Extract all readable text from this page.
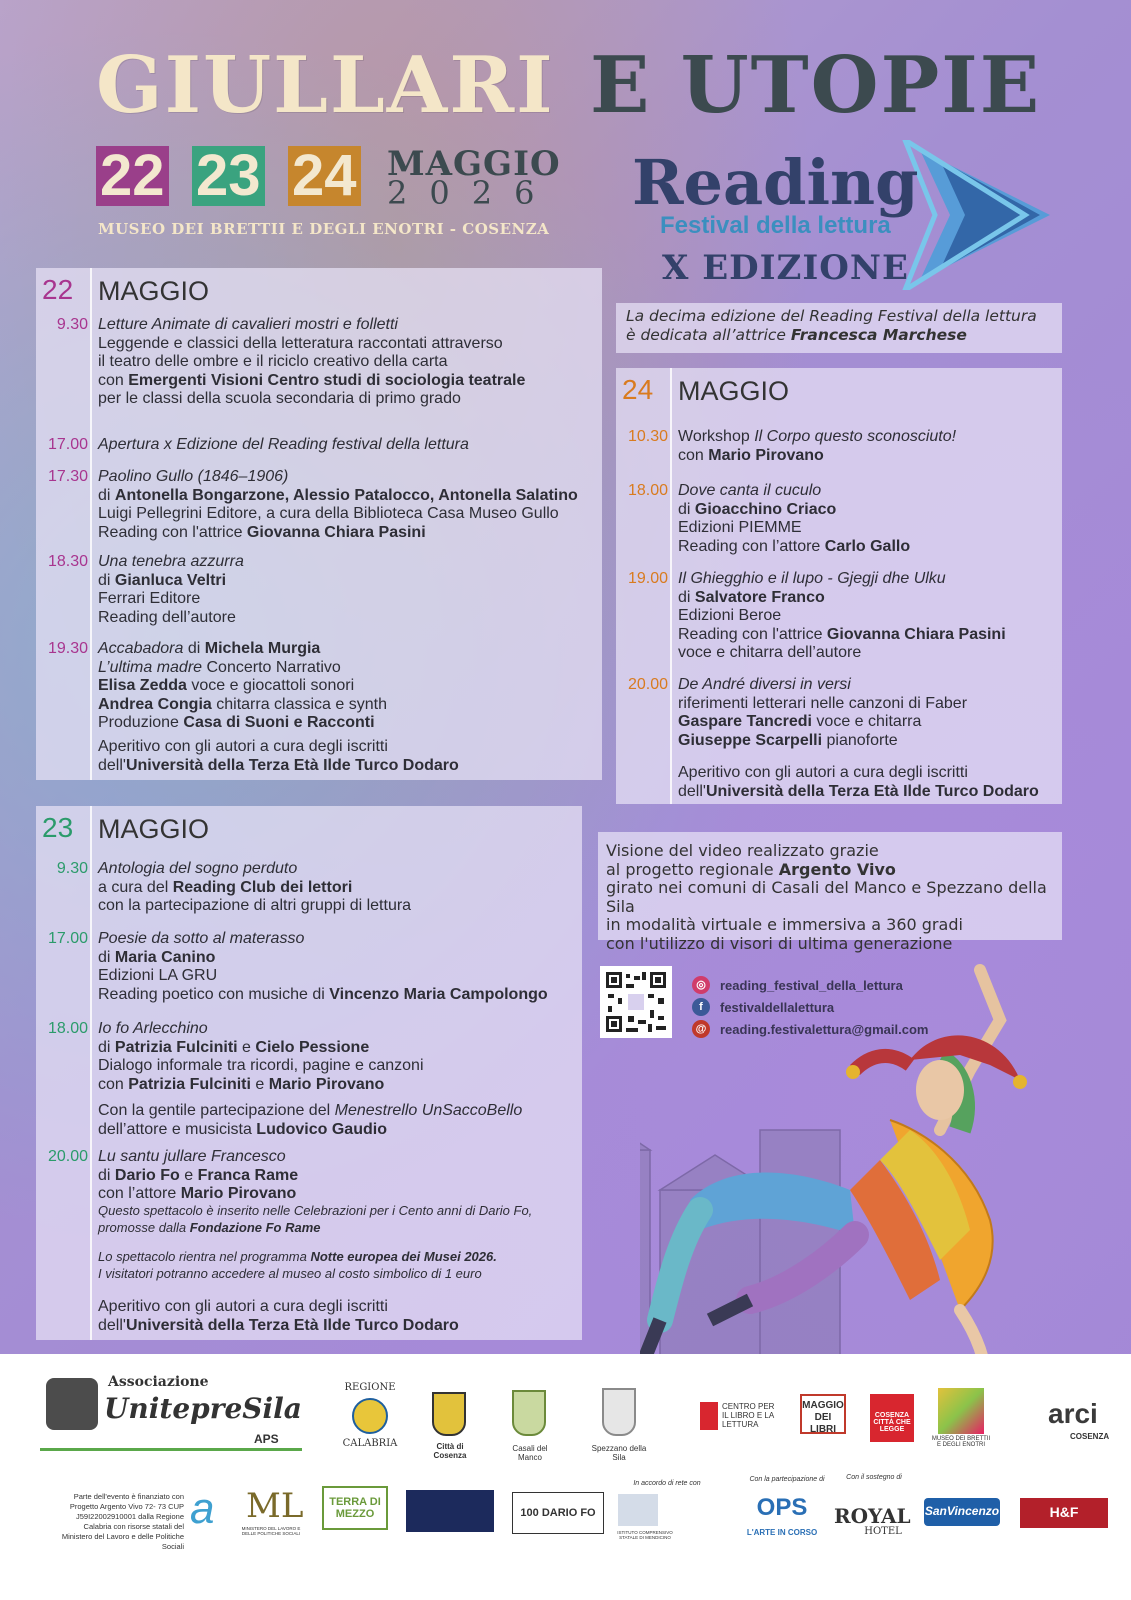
GIULLARI E UTOPIE
22 23 24 MAGGIO
2026
MUSEO DEI BRETTII E DEGLI ENOTRI - COSENZA
Reading
Festival della lettura
X EDIZIONE
La decima edizione del Reading Festival della lettura
è dedicata all’attrice Francesca Marchese
22 MAGGIO
9.30 Letture Animate di cavalieri mostri e folletti
Leggende e classici della letteratura raccontati attraverso
il teatro delle ombre e il riciclo creativo della carta
con Emergenti Visioni Centro studi di sociologia teatrale
per le classi della scuola secondaria di primo grado
17.00 Apertura x Edizione del Reading festival della lettura
17.30 Paolino Gullo (1846–1906)
di Antonella Bongarzone, Alessio Patalocco, Antonella Salatino
Luigi Pellegrini Editore, a cura della Biblioteca Casa Museo Gullo
Reading con l'attrice Giovanna Chiara Pasini
18.30 Una tenebra azzurra
di Gianluca Veltri
Ferrari Editore
Reading dell’autore
19.30 Accabadora di Michela Murgia
L’ultima madre Concerto Narrativo
Elisa Zedda voce e giocattoli sonori
Andrea Congia chitarra classica e synth
Produzione Casa di Suoni e Racconti
Aperitivo con gli autori a cura degli iscritti
dell'Università della Terza Età Ilde Turco Dodaro
23 MAGGIO
9.30 Antologia del sogno perduto
a cura del Reading Club dei lettori
con la partecipazione di altri gruppi di lettura
17.00 Poesie da sotto al materasso
di Maria Canino
Edizioni LA GRU
Reading poetico con musiche di Vincenzo Maria Campolongo
18.00 Io fo Arlecchino
di Patrizia Fulciniti e Cielo Pessione
Dialogo informale tra ricordi, pagine e canzoni
con Patrizia Fulciniti e Mario Pirovano
Con la gentile partecipazione del Menestrello UnSaccoBello
dell’attore e musicista Ludovico Gaudio
20.00 Lu santu jullare Francesco
di Dario Fo e Franca Rame
con l’attore Mario Pirovano
Questo spettacolo è inserito nelle Celebrazioni per i Cento anni di Dario Fo,
promosse dalla Fondazione Fo Rame
Lo spettacolo rientra nel programma Notte europea dei Musei 2026.
I visitatori potranno accedere al museo al costo simbolico di 1 euro
Aperitivo con gli autori a cura degli iscritti
dell'Università della Terza Età Ilde Turco Dodaro
24 MAGGIO
10.30 Workshop Il Corpo questo sconosciuto!
con Mario Pirovano
18.00 Dove canta il cuculo
di Gioacchino Criaco
Edizioni PIEMME
Reading con l’attore Carlo Gallo
19.00 Il Ghiegghio e il lupo - Gjegji dhe Ulku
di Salvatore Franco
Edizioni Beroe
Reading con l'attrice Giovanna Chiara Pasini
voce e chitarra dell’autore
20.00 De André diversi in versi
riferimenti letterari nelle canzoni di Faber
Gaspare Tancredi voce e chitarra
Giuseppe Scarpelli pianoforte
Aperitivo con gli autori a cura degli iscritti
dell'Università della Terza Età Ilde Turco Dodaro
Visione del video realizzato grazie
al progetto regionale Argento Vivo
girato nei comuni di Casali del Manco e Spezzano della Sila
in modalità virtuale e immersiva a 360 gradi
con l'utilizzo di visori di ultima generazione
◎	reading_festival_della_lettura
f	festivaldellalettura
@ reading.festivalettura@gmail.com
Associazione
UnitepreSila
APS
REGIONE
CALABRIA	Città di Cosenza
Casali del Manco
Spezzano della Sila
CENTRO PER IL LIBRO E LA LETTURA
MAGGIO DEI LIBRI
COSENZA CITTÀ CHE LEGGE
MUSEO DEI BRETTII E DEGLI ENOTRI
arci
COSENZA
Parte dell'evento è finanziato con Progetto Argento Vivo 72- 73 CUP J59I22002910001 dalla Regione Calabria con risorse statali del Ministero del Lavoro e delle Politiche Sociali
a ML
MINISTERO DEL LAVORO E DELLE POLITICHE SOCIALI
TERRA DI MEZZO	100 DARIO FO
In accordo di rete con
ISTITUTO COMPRENSIVO STATALE DI MENDICINO
Con la partecipazione di
OPS
L'ARTE IN CORSO
Con il sostegno di
ROYAL
HOTEL
SanVincenzo	H&F
